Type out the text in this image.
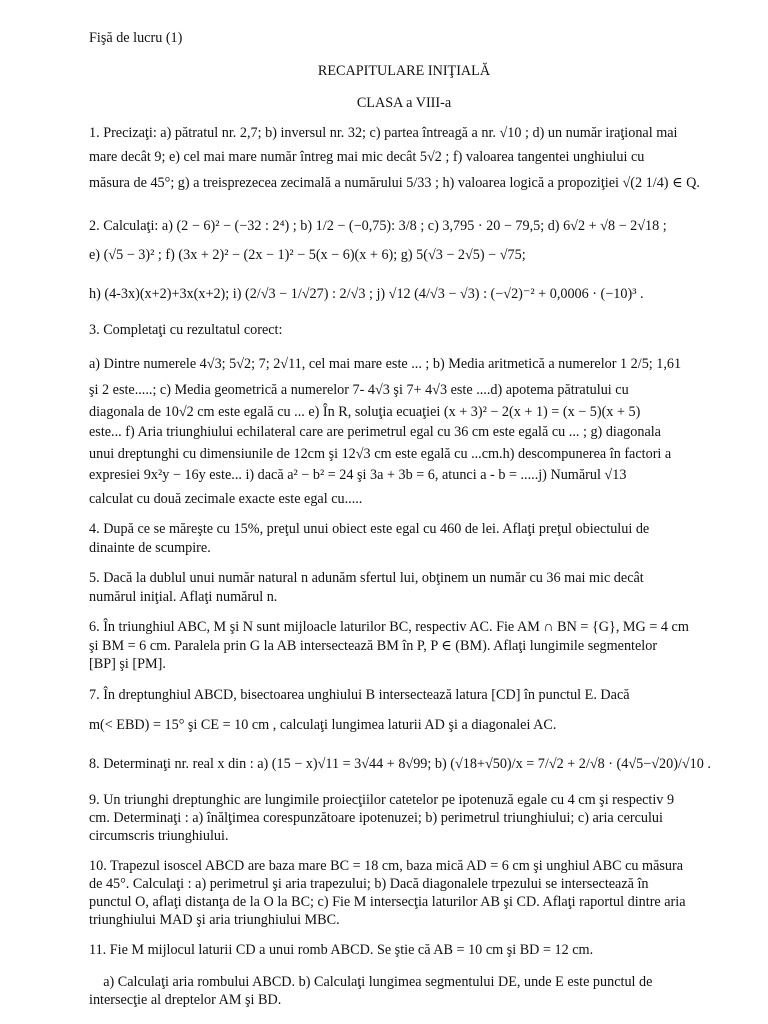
Fişă de lucru (1)
RECAPITULARE INIŢIALĂ
CLASA a VIII-a
1. Precizaţi: a) pătratul nr. 2,7; b) inversul nr. 32; c) partea întreagă a nr. √10 ; d) un număr iraţional mai
mare decât 9; e) cel mai mare număr întreg mai mic decât 5√2 ; f) valoarea tangentei unghiului cu
măsura de 45°; g) a treisprezecea zecimală a numărului 5/33 ; h) valoarea logică a propoziţiei √(2 1/4) ∈ Q.
2. Calculaţi: a) (2 − 6)² − (−32 : 2⁴) ; b) 1/2 − (−0,75): 3/8 ; c) 3,795 · 20 − 79,5; d) 6√2 + √8 − 2√18 ;
e) (√5 − 3)² ; f) (3x + 2)² − (2x − 1)² − 5(x − 6)(x + 6); g) 5(√3 − 2√5) − √75;
h) (4-3x)(x+2)+3x(x+2); i) (2/√3 − 1/√27) : 2/√3 ; j) √12 (4/√3 − √3) : (−√2)⁻² + 0,0006 · (−10)³ .
3. Completaţi cu rezultatul corect:
a) Dintre numerele 4√3; 5√2; 7; 2√11, cel mai mare este ... ; b) Media aritmetică a numerelor 1 2/5; 1,61
şi 2 este.....; c) Media geometrică a numerelor 7- 4√3 şi 7+ 4√3 este ....d) apotema pătratului cu
diagonala de 10√2 cm este egală cu ... e) În R, soluţia ecuaţiei (x + 3)² − 2(x + 1) = (x − 5)(x + 5)
este... f) Aria triunghiului echilateral care are perimetrul egal cu 36 cm este egală cu ... ; g) diagonala
unui dreptunghi cu dimensiunile de 12cm şi 12√3 cm este egală cu ...cm.h) descompunerea în factori a
expresiei 9x²y − 16y este... i) dacă a² − b² = 24 şi 3a + 3b = 6, atunci a - b = .....j) Numărul √13
calculat cu două zecimale exacte este egal cu.....
4. După ce se măreşte cu 15%, preţul unui obiect este egal cu 460 de lei. Aflaţi preţul obiectului de
dinainte de scumpire.
5. Dacă la dublul unui număr natural n adunăm sfertul lui, obţinem un număr cu 36 mai mic decât
numărul iniţial. Aflaţi numărul n.
6. În triunghiul ABC, M şi N sunt mijloacle laturilor BC, respectiv AC. Fie AM ∩ BN = {G}, MG = 4 cm
şi BM = 6 cm. Paralela prin G la AB intersectează BM în P, P ∈ (BM). Aflaţi lungimile segmentelor
[BP] şi [PM].
7. În dreptunghiul ABCD, bisectoarea unghiului B intersectează latura [CD] în punctul E. Dacă
m(< EBD) = 15° şi CE = 10 cm , calculaţi lungimea laturii AD şi a diagonalei AC.
8. Determinaţi nr. real x din : a) (15 − x)√11 = 3√44 + 8√99; b) (√18+√50)/x = 7/√2 + 2/√8 · (4√5−√20)/√10 .
9. Un triunghi dreptunghic are lungimile proiecţiilor catetelor pe ipotenuză egale cu 4 cm şi respectiv 9
cm. Determinaţi : a) înălţimea corespunzătoare ipotenuzei; b) perimetrul triunghiului; c) aria cercului
circumscris triunghiului.
10. Trapezul isoscel ABCD are baza mare BC = 18 cm, baza mică AD = 6 cm şi unghiul ABC cu măsura
de 45°. Calculaţi : a) perimetrul şi aria trapezului; b) Dacă diagonalele trpezului se intersectează în
punctul O, aflaţi distanţa de la O la BC; c) Fie M intersecţia laturilor AB şi CD. Aflaţi raportul dintre aria
triunghiului MAD şi aria triunghiului MBC.
11. Fie M mijlocul laturii CD a unui romb ABCD. Se ştie că AB = 10 cm şi BD = 12 cm.
a) Calculaţi aria rombului ABCD. b) Calculaţi lungimea segmentului DE, unde E este punctul de
intersecţie al dreptelor AM şi BD.
